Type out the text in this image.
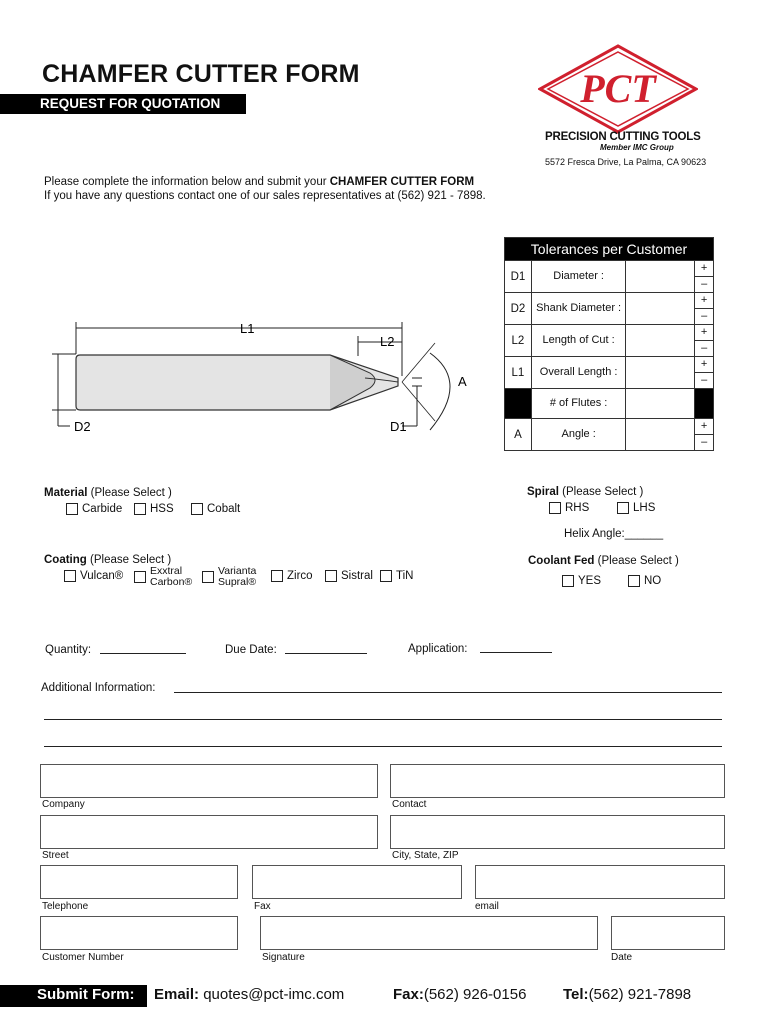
CHAMFER CUTTER FORM
REQUEST FOR QUOTATION	PCT
PRECISION CUTTING TOOLS
Member IMC Group
5572 Fresca Drive, La Palma, CA 90623
Please complete the information below and submit your CHAMFER CUTTER FORM
If you have any questions contact one of our sales representatives at (562) 921 - 7898.
Tolerances per Customer			
D1	Diameter :		+
–

D2	Shank Diameter :		+
–

L2	Length of Cut :		+
–

L1	Overall Length :		+
–

	# of Flutes :		
A	Angle :		+
–
L1
L2
A
D1
D2
Material (Please Select )
Carbide	HSS	Cobalt
Spiral (Please Select )
RHS	LHS
Helix Angle:______
Coating (Please Select )
Vulcan®	Exxtral
Carbon®
Varianta
Supral®	Zirco	Sistral	TiN
Coolant Fed (Please Select )
YES	NO
Quantity:	Due Date:	Application:
Additional Information:
Company	Contact
Street	City, State, ZIP
Telephone	Fax	email
Customer Number	Signature	Date
Submit Form: Email: quotes@pct-imc.com	Fax:(562) 926-0156 Tel:(562) 921-7898
